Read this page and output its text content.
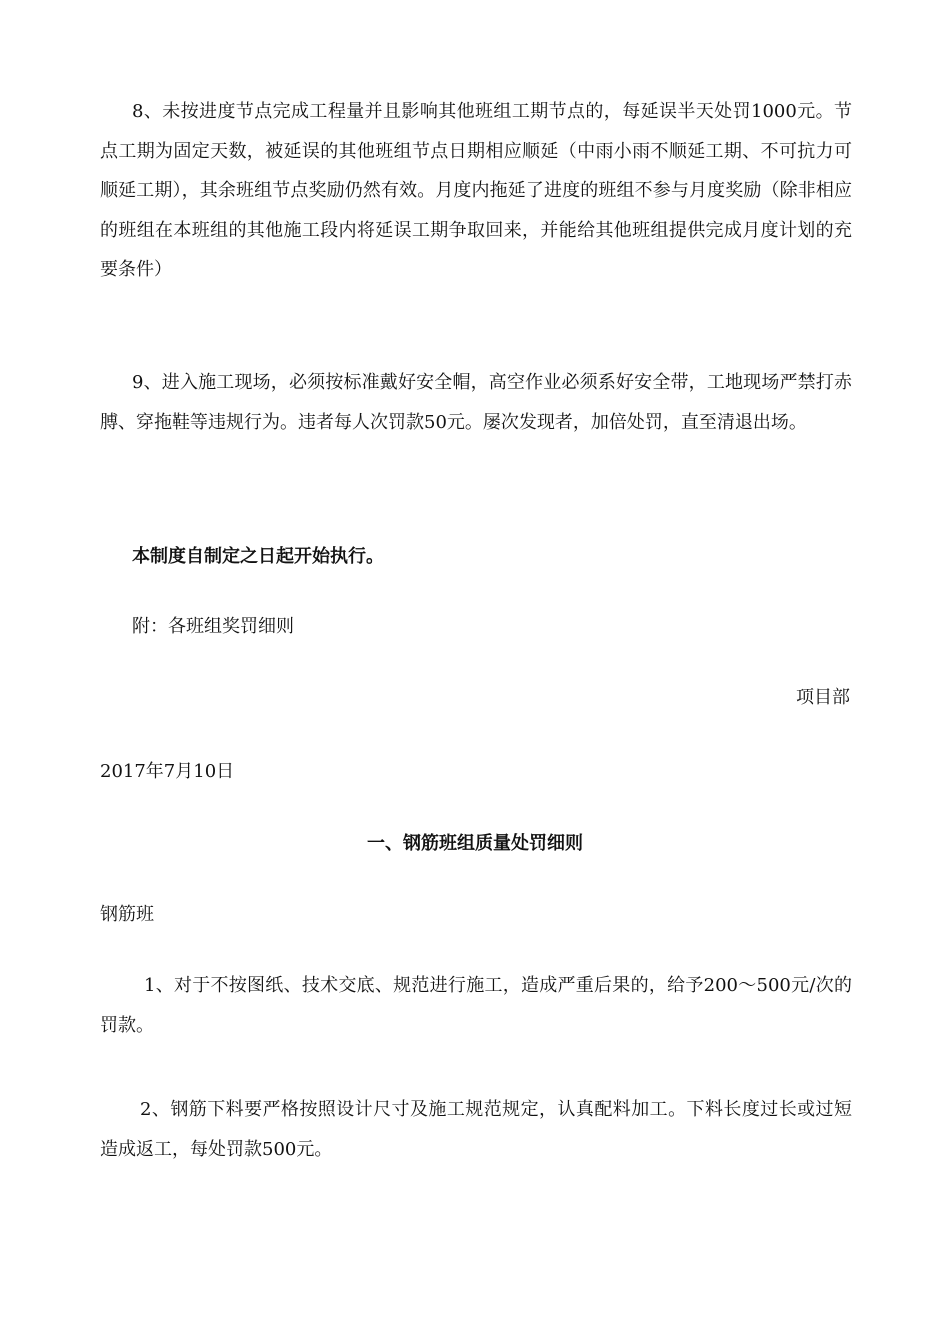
8、未按进度节点完成工程量并且影响其他班组工期节点的，每延误半天处罚1000元。节点工期为固定天数，被延误的其他班组节点日期相应顺延（中雨小雨不顺延工期、不可抗力可顺延工期），其余班组节点奖励仍然有效。月度内拖延了进度的班组不参与月度奖励（除非相应的班组在本班组的其他施工段内将延误工期争取回来，并能给其他班组提供完成月度计划的充要条件）

9、进入施工现场，必须按标准戴好安全帽，高空作业必须系好安全带，工地现场严禁打赤膊、穿拖鞋等违规行为。违者每人次罚款50元。屡次发现者，加倍处罚，直至清退出场。

本制度自制定之日起开始执行。

附：各班组奖罚细则

项目部
2017年7月10日
一、钢筋班组质量处罚细则
钢筋班

1、对于不按图纸、技术交底、规范进行施工，造成严重后果的，给予200～500元/次的罚款。

2、钢筋下料要严格按照设计尺寸及施工规范规定，认真配料加工。下料长度过长或过短造成返工，每处罚款500元。
